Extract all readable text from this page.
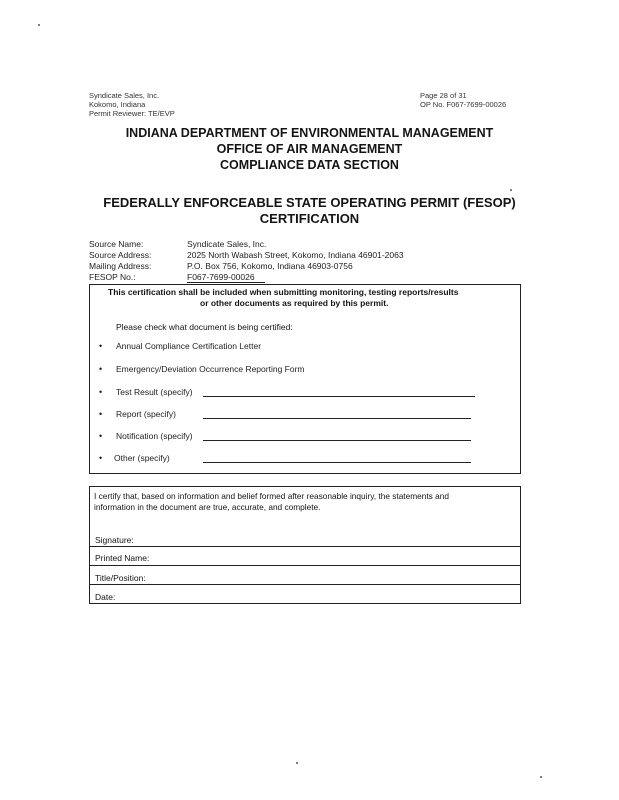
Syndicate Sales, Inc.
Kokomo, Indiana
Permit Reviewer: TE/EVP
Page 28 of 31
OP No. F067-7699-00026
INDIANA DEPARTMENT OF ENVIRONMENTAL MANAGEMENT
OFFICE OF AIR MANAGEMENT
COMPLIANCE DATA SECTION
FEDERALLY ENFORCEABLE STATE OPERATING PERMIT (FESOP)
CERTIFICATION
Source Name:	Syndicate Sales, Inc.
Source Address:	2025 North Wabash Street, Kokomo, Indiana 46901-2063
Mailing Address:	P.O. Box 756, Kokomo, Indiana 46903-0756
FESOP No.:	F067-7699-00026
This certification shall be included when submitting monitoring, testing reports/results
or other documents as required by this permit.
Please check what document is being certified:
• Annual Compliance Certification Letter
• Emergency/Deviation Occurrence Reporting Form
• Test Result (specify)
• Report (specify)
• Notification (specify)
• Other (specify)
I certify that, based on information and belief formed after reasonable inquiry, the statements and
information in the document are true, accurate, and complete.
Signature:
Printed Name:
Title/Position:
Date:
